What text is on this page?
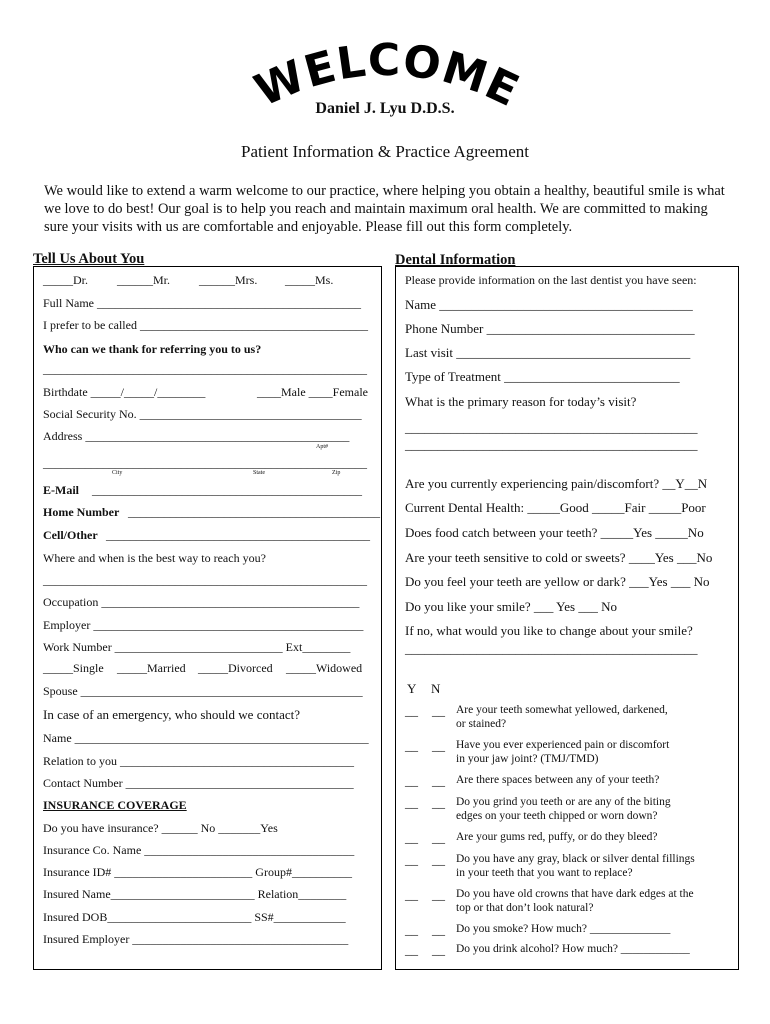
WELCOME
Daniel J. Lyu D.D.S.
Patient Information & Practice Agreement
We would like to extend a warm welcome to our practice, where helping you obtain a healthy, beautiful smile is what we love to do best! Our goal is to help you reach and maintain maximum oral health. We are committed to making sure your visits with us are comfortable and enjoyable. Please fill out this form completely.
Tell Us About You	Dental Information
_____Dr. ______Mr. ______Mrs. _____Ms.
Full Name ____________________________________________
I prefer to be called ______________________________________
Who can we thank for referring you to us?
______________________________________________________
Birthdate _____/_____/________	____Male ____Female
Social Security No. _____________________________________
Address ____________________________________________
Apt#
______________________________________________________
City	State	Zip
E-Mail _____________________________________________
Home Number __________________________________________
Cell/Other ____________________________________________
Where and when is the best way to reach you?
______________________________________________________
Occupation ___________________________________________
Employer _____________________________________________
Work Number ____________________________ Ext________
_____Single _____Married _____Divorced _____Widowed
Spouse _______________________________________________
In case of an emergency, who should we contact?
Name _________________________________________________
Relation to you _______________________________________
Contact Number ______________________________________
INSURANCE COVERAGE
Do you have insurance? ______ No _______Yes
Insurance Co. Name ___________________________________
Insurance ID# _______________________ Group#__________
Insured Name________________________ Relation________
Insured DOB________________________ SS#____________
Insured Employer ____________________________________
Please provide information on the last dentist you have seen:
Name _______________________________________
Phone Number ________________________________
Last visit ____________________________________
Type of Treatment ___________________________
What is the primary reason for today’s visit?
_____________________________________________
_____________________________________________
Are you currently experiencing pain/discomfort? __Y__N
Current Dental Health: _____Good _____Fair _____Poor
Does food catch between your teeth? _____Yes _____No
Are your teeth sensitive to cold or sweets? ____Yes ___No
Do you feel your teeth are yellow or dark? ___Yes ___ No
Do you like your smile? ___ Yes ___ No
If no, what would you like to change about your smile?
_____________________________________________
Y N
__ __ Are your teeth somewhat yellowed, darkened,
or stained?
__ __ Have you ever experienced pain or discomfort
in your jaw joint? (TMJ/TMD)
__ __ Are there spaces between any of your teeth?
__ __ Do you grind you teeth or are any of the biting
edges on your teeth chipped or worn down?
__ __ Are your gums red, puffy, or do they bleed?
__ __ Do you have any gray, black or silver dental fillings
in your teeth that you want to replace?
__ __ Do you have old crowns that have dark edges at the
top or that don’t look natural?
__ __ Do you smoke? How much? ______________
__ __ Do you drink alcohol? How much? ____________
